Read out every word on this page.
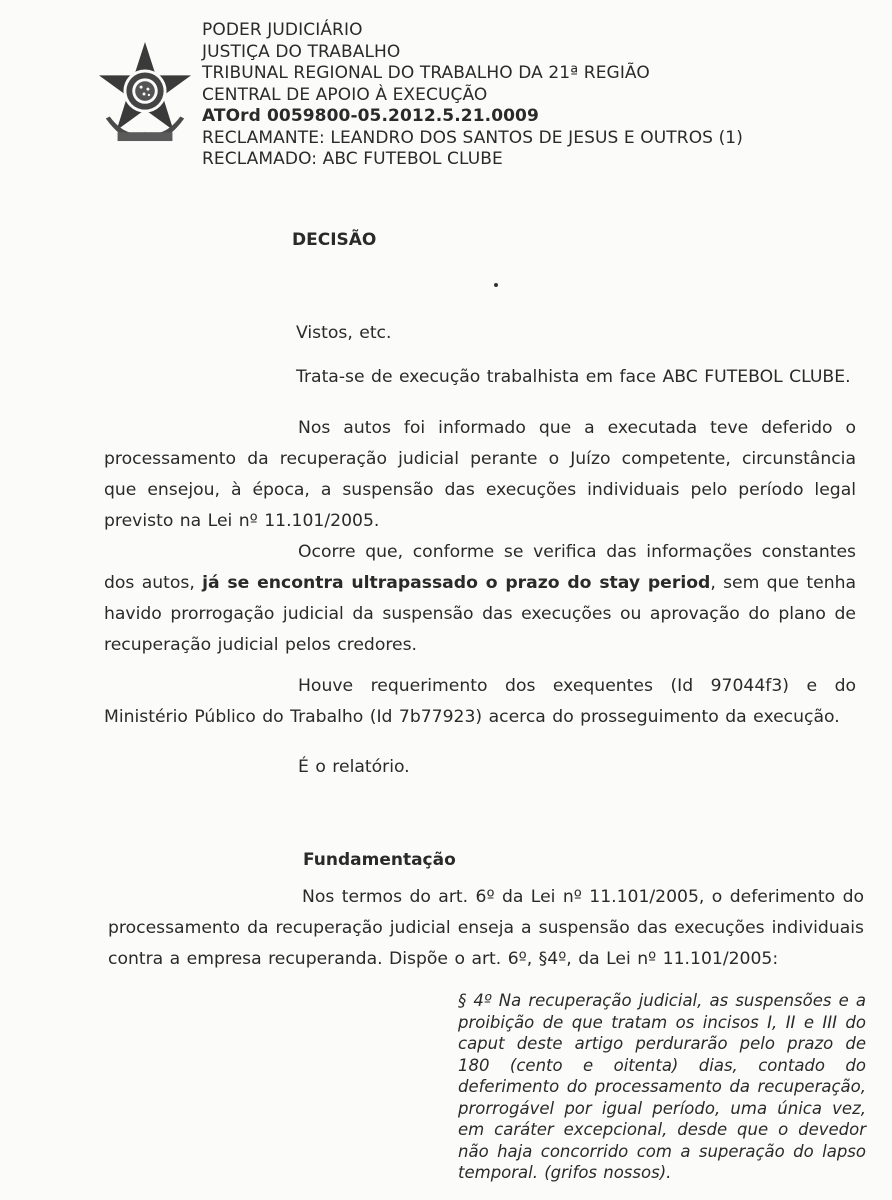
PODER JUDICIÁRIO
JUSTIÇA DO TRABALHO
TRIBUNAL REGIONAL DO TRABALHO DA 21ª REGIÃO
CENTRAL DE APOIO À EXECUÇÃO
ATOrd 0059800-05.2012.5.21.0009
RECLAMANTE: LEANDRO DOS SANTOS DE JESUS E OUTROS (1)
RECLAMADO: ABC FUTEBOL CLUBE
DECISÃO
Vistos, etc.
Trata-se de execução trabalhista em face ABC FUTEBOL CLUBE.
Nos autos foi informado que a executada teve deferido o processamento da recuperação judicial perante o Juízo competente, circunstância que ensejou, à época, a suspensão das execuções individuais pelo período legal previsto na Lei nº 11.101/2005.
Ocorre que, conforme se verifica das informações constantes dos autos, já se encontra ultrapassado o prazo do stay period, sem que tenha havido prorrogação judicial da suspensão das execuções ou aprovação do plano de recuperação judicial pelos credores.
Houve requerimento dos exequentes (Id 97044f3) e do Ministério Público do Trabalho (Id 7b77923) acerca do prosseguimento da execução.
É o relatório.
Fundamentação
Nos termos do art. 6º da Lei nº 11.101/2005, o deferimento do processamento da recuperação judicial enseja a suspensão das execuções individuais contra a empresa recuperanda. Dispõe o art. 6º, §4º, da Lei nº 11.101/2005:
§ 4º Na recuperação judicial, as suspensões e a proibição de que tratam os incisos I, II e III do caput deste artigo perdurarão pelo prazo de 180 (cento e oitenta) dias, contado do deferimento do processamento da recuperação, prorrogável por igual período, uma única vez, em caráter excepcional, desde que o devedor não haja concorrido com a superação do lapso temporal. (grifos nossos).
